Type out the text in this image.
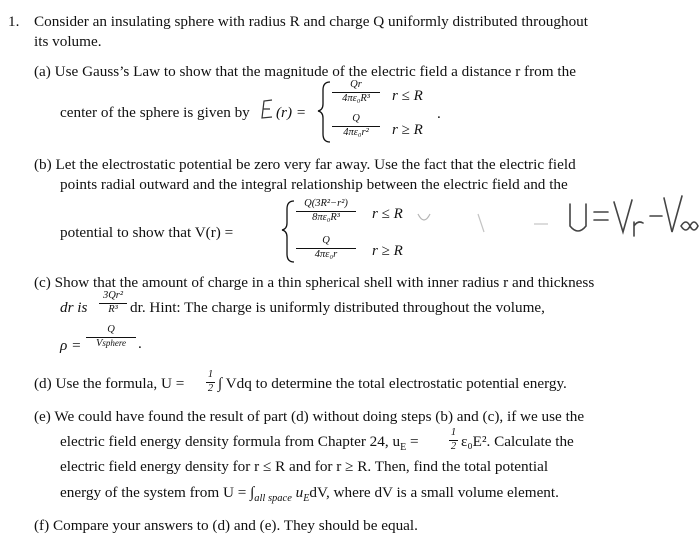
1. Consider an insulating sphere with radius R and charge Q uniformly distributed throughout
its volume.
(a) Use Gauss’s Law to show that the magnitude of the electric field a distance r from the
center of the sphere is given by (r) =
$\frac{Qr}{\text{4πε₀R³}}$ r ≤ R
$\frac{Q}{\text{4πε₀r²}}$ r ≥ R
.
(b) Let the electrostatic potential be zero very far away. Use the fact that the electric field
points radial outward and the integral relationship between the electric field and the
potential to show that V(r) =
$\frac{\text{Q(3R²−r²)}}{\text{8πε₀R³}}$ r ≤ R
$\frac{Q}{\text{4πε₀r}}$ r ≥ R
(c) Show that the amount of charge in a thin spherical shell with inner radius r and thickness
dr is $\frac{\text{3Qr²}}{\text{R³}}$ dr. Hint: The charge is uniformly distributed throughout the volume,
ρ =
Q
Vsphere .
(d) Use the formula, $U = \frac{1}{2}$ ∫ Vdq to determine the total electrostatic potential energy.
(e) We could have found the result of part (d) without doing steps (b) and (c), if we use the
electric field energy density formula from Chapter 24, $u_E$ =	$\frac{1}{2} \varepsilon_0E^2$. Calculate the
electric field energy density for r ≤ R and for r ≥ R. Then, find the total potential
energy of the system from $U = \int_{all space}$ $u_EdV$, where dV is a small volume element.
(f) Compare your answers to (d) and (e). They should be equal.
